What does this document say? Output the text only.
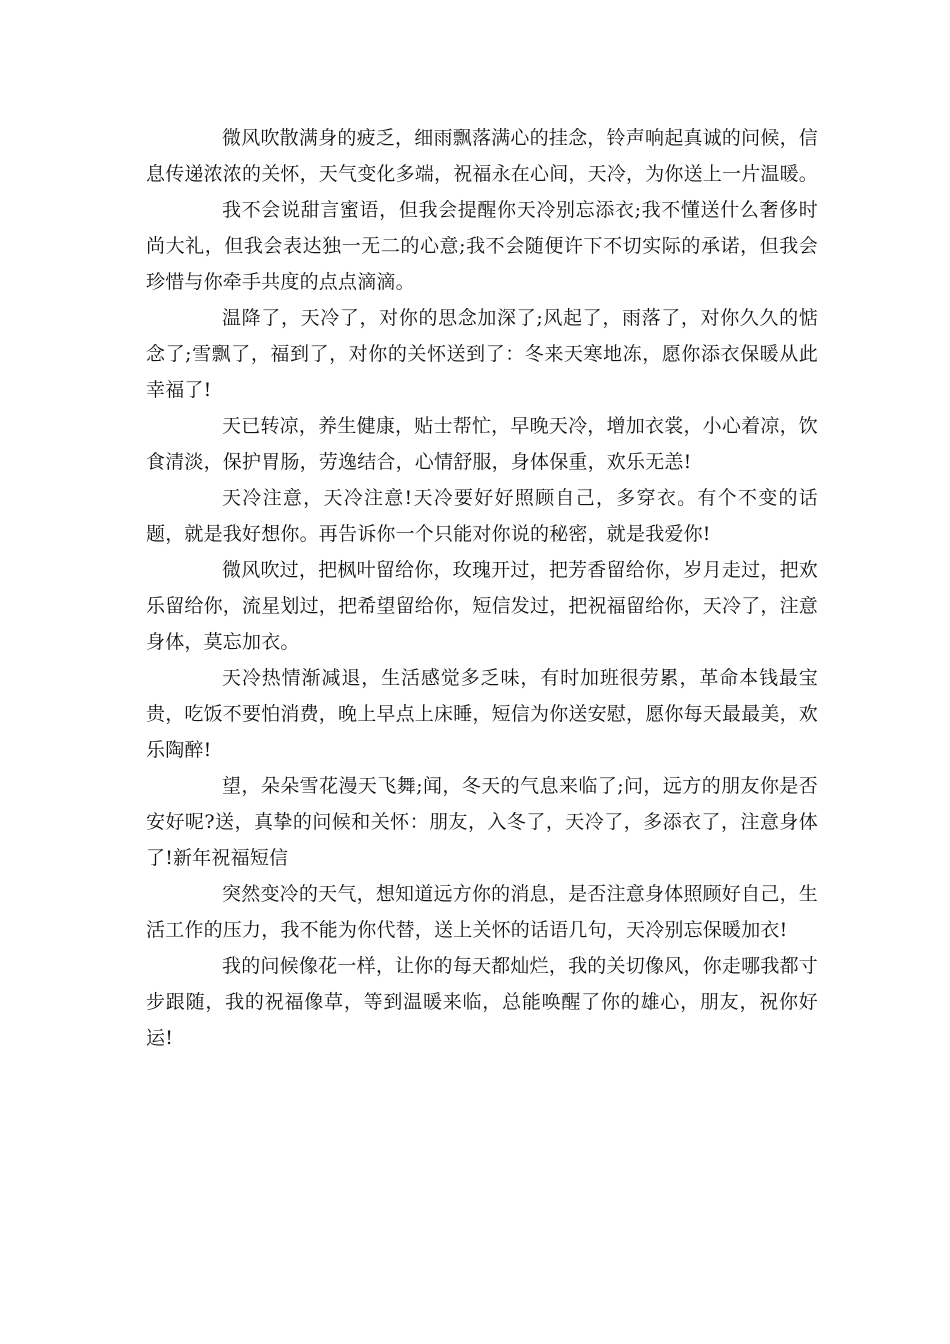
微风吹散满身的疲乏，细雨飘落满心的挂念，铃声响起真诚的问候，信息传递浓浓的关怀，天气变化多端，祝福永在心间，天冷，为你送上一片温暖。

我不会说甜言蜜语，但我会提醒你天冷别忘添衣;我不懂送什么奢侈时尚大礼，但我会表达独一无二的心意;我不会随便许下不切实际的承诺，但我会珍惜与你牵手共度的点点滴滴。

温降了，天冷了，对你的思念加深了;风起了，雨落了，对你久久的惦念了;雪飘了，福到了，对你的关怀送到了：冬来天寒地冻，愿你添衣保暖从此幸福了!

天已转凉，养生健康，贴士帮忙，早晚天冷，增加衣裳，小心着凉，饮食清淡，保护胃肠，劳逸结合，心情舒服，身体保重，欢乐无恙!

天冷注意，天冷注意!天冷要好好照顾自己，多穿衣。有个不变的话题，就是我好想你。再告诉你一个只能对你说的秘密，就是我爱你!

微风吹过，把枫叶留给你，玫瑰开过，把芳香留给你，岁月走过，把欢乐留给你，流星划过，把希望留给你，短信发过，把祝福留给你，天冷了，注意身体，莫忘加衣。

天冷热情渐减退，生活感觉多乏味，有时加班很劳累，革命本钱最宝贵，吃饭不要怕消费，晚上早点上床睡，短信为你送安慰，愿你每天最最美，欢乐陶醉!

望，朵朵雪花漫天飞舞;闻，冬天的气息来临了;问，远方的朋友你是否安好呢?送，真挚的问候和关怀：朋友，入冬了，天冷了，多添衣了，注意身体了!新年祝福短信

突然变冷的天气，想知道远方你的消息，是否注意身体照顾好自己，生活工作的压力，我不能为你代替，送上关怀的话语几句，天冷别忘保暖加衣!

我的问候像花一样，让你的每天都灿烂，我的关切像风，你走哪我都寸步跟随，我的祝福像草，等到温暖来临，总能唤醒了你的雄心，朋友，祝你好运!
